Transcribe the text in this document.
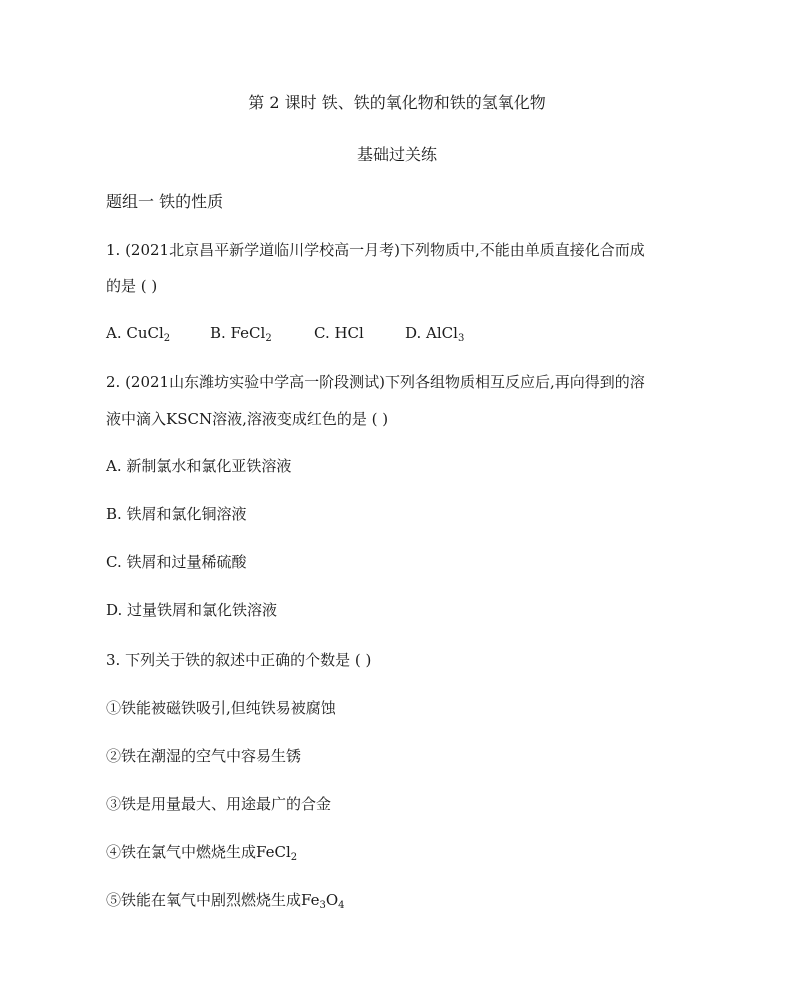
第 2 课时 铁、铁的氧化物和铁的氢氧化物
基础过关练
题组一 铁的性质
1. (2021北京昌平新学道临川学校高一月考)下列物质中,不能由单质直接化合而成
的是 ( )
A. CuCl$_2$	B. FeCl$_2$	C. HCl	D. AlCl$_3$
2. (2021山东潍坊实验中学高一阶段测试)下列各组物质相互反应后,再向得到的溶
液中滴入KSCN溶液,溶液变成红色的是 ( )
A. 新制氯水和氯化亚铁溶液
B. 铁屑和氯化铜溶液
C. 铁屑和过量稀硫酸
D. 过量铁屑和氯化铁溶液
3. 下列关于铁的叙述中正确的个数是 ( )
①铁能被磁铁吸引,但纯铁易被腐蚀
②铁在潮湿的空气中容易生锈
③铁是用量最大、用途最广的合金
④铁在氯气中燃烧生成FeCl$_2$
⑤铁能在氧气中剧烈燃烧生成$Fe_3O_4$
